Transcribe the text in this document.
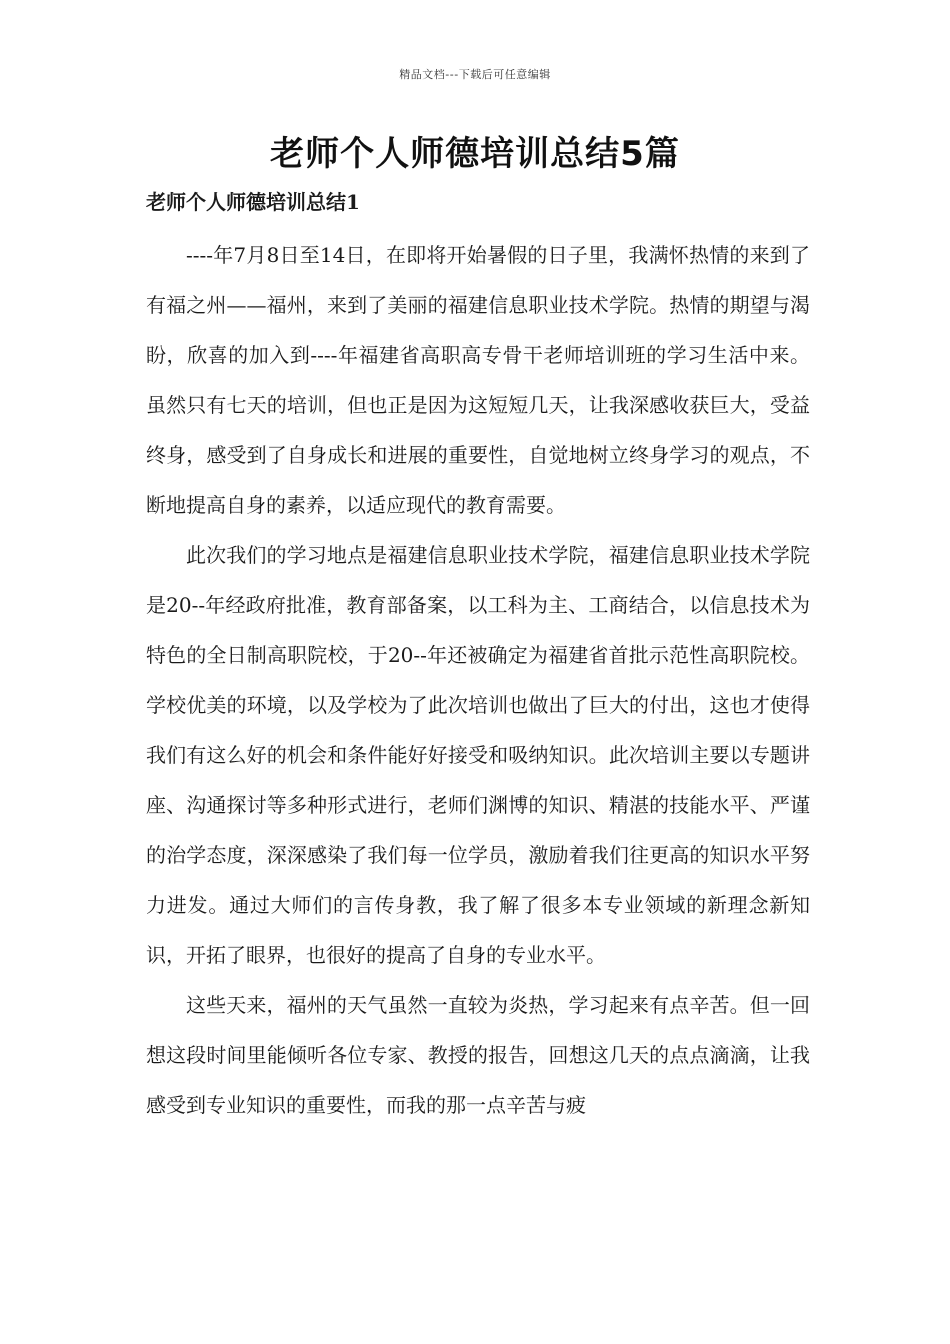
精品文档---下载后可任意编辑
老师个人师德培训总结5篇
老师个人师德培训总结1

----年7月8日至14日，在即将开始暑假的日子里，我满怀热情的来到了有福之州——福州，来到了美丽的福建信息职业技术学院。热情的期望与渴盼，欣喜的加入到----年福建省高职高专骨干老师培训班的学习生活中来。虽然只有七天的培训，但也正是因为这短短几天，让我深感收获巨大，受益终身，感受到了自身成长和进展的重要性，自觉地树立终身学习的观点，不断地提高自身的素养，以适应现代的教育需要。

此次我们的学习地点是福建信息职业技术学院，福建信息职业技术学院是20--年经政府批准，教育部备案，以工科为主、工商结合，以信息技术为特色的全日制高职院校，于20--年还被确定为福建省首批示范性高职院校。学校优美的环境，以及学校为了此次培训也做出了巨大的付出，这也才使得我们有这么好的机会和条件能好好接受和吸纳知识。此次培训主要以专题讲座、沟通探讨等多种形式进行，老师们渊博的知识、精湛的技能水平、严谨的治学态度，深深感染了我们每一位学员，激励着我们往更高的知识水平努力进发。通过大师们的言传身教，我了解了很多本专业领域的新理念新知识，开拓了眼界，也很好的提高了自身的专业水平。

这些天来，福州的天气虽然一直较为炎热，学习起来有点辛苦。但一回想这段时间里能倾听各位专家、教授的报告，回想这几天的点点滴滴，让我感受到专业知识的重要性，而我的那一点辛苦与疲
